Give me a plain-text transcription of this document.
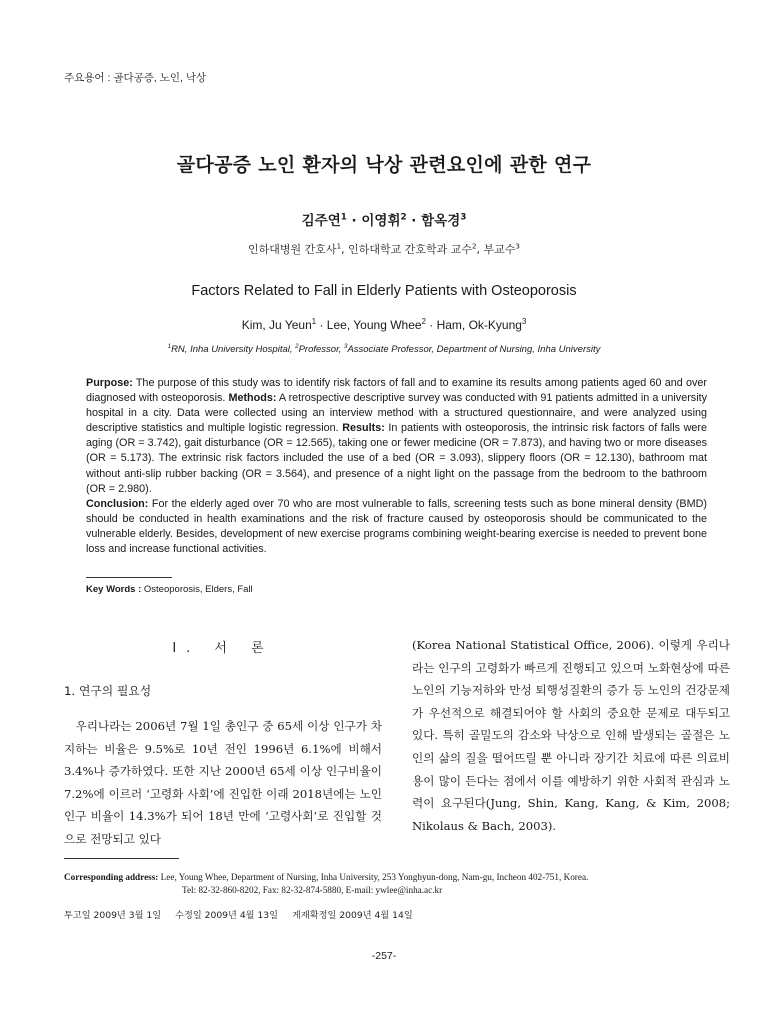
주요용어 : 골다공증, 노인, 낙상
골다공증 노인 환자의 낙상 관련요인에 관한 연구
김주연$^1$ · 이영휘$^2$ · 함옥경$^3$
인하대병원 간호사$^1$, 인하대학교 간호학과 교수$^2$, 부교수$^3$
Factors Related to Fall in Elderly Patients with Osteoporosis
Kim, Ju Yeun$^1$ · Lee, Young Whee$^2$ · Ham, Ok-Kyung$^3$
$^1$RN, Inha University Hospital, $^2$Professor, $^3$Associate Professor, Department of Nursing, Inha University

Purpose: The purpose of this study was to identify risk factors of fall and to examine its results among patients aged 60 and over diagnosed with osteoporosis. Methods: A retrospective descriptive survey was conducted with 91 patients admitted in a university hospital in a city. Data were collected using an interview method with a structured questionnaire, and were analyzed using descriptive statistics and multiple logistic regression. Results: In patients with osteoporosis, the intrinsic risk factors of falls were aging (OR = 3.742), gait disturbance (OR = 12.565), taking one or fewer medicine (OR = 7.873), and having two or more diseases (OR = 5.173). The extrinsic risk factors included the use of a bed (OR = 3.093), slippery floors (OR = 12.130), bathroom mat without anti-slip rubber backing (OR = 3.564), and presence of a night light on the passage from the bedroom to the bathroom (OR = 2.980).

Conclusion: For the elderly aged over 70 who are most vulnerable to falls, screening tests such as bone mineral density (BMD) should be conducted in health examinations and the risk of fracture caused by osteoporosis should be communicated to the vulnerable elderly. Besides, development of new exercise programs combining weight-bearing exercise is needed to prevent bone loss and increase functional activities.

Key Words : Osteoporosis, Elders, Fall
I. 서 론
1. 연구의 필요성

우리나라는 2006년 7월 1일 총인구 중 65세 이상 인구가 차지하는 비율은 9.5%로 10년 전인 1996년 6.1%에 비해서 3.4%나 증가하였다. 또한 지난 2000년 65세 이상 인구비율이 7.2%에 이르러 ‘고령화 사회’에 진입한 이래 2018년에는 노인인구 비율이 14.3%가 되어 18년 만에 ‘고령사회’로 진입할 것으로 전망되고 있다

(Korea National Statistical Office, 2006). 이렇게 우리나라는 인구의 고령화가 빠르게 진행되고 있으며 노화현상에 따른 노인의 기능저하와 만성 퇴행성질환의 증가 등 노인의 건강문제가 우선적으로 해결되어야 할 사회의 중요한 문제로 대두되고 있다. 특히 골밀도의 감소와 낙상으로 인해 발생되는 골절은 노인의 삶의 질을 떨어뜨릴 뿐 아니라 장기간 치료에 따른 의료비용이 많이 든다는 점에서 이를 예방하기 위한 사회적 관심과 노력이 요구된다(Jung, Shin, Kang, Kang, & Kim, 2008; Nikolaus & Bach, 2003).

Corresponding address: Lee, Young Whee, Department of Nursing, Inha University, 253 Yonghyun-dong, Nam-gu, Incheon 402-751, Korea.
Tel: 82-32-860-8202, Fax: 82-32-874-5880, E-mail: ywlee@inha.ac.kr
투고일 2009년 3월 1일 수정일 2009년 4월 13일 게재확정일 2009년 4월 14일
-257-
